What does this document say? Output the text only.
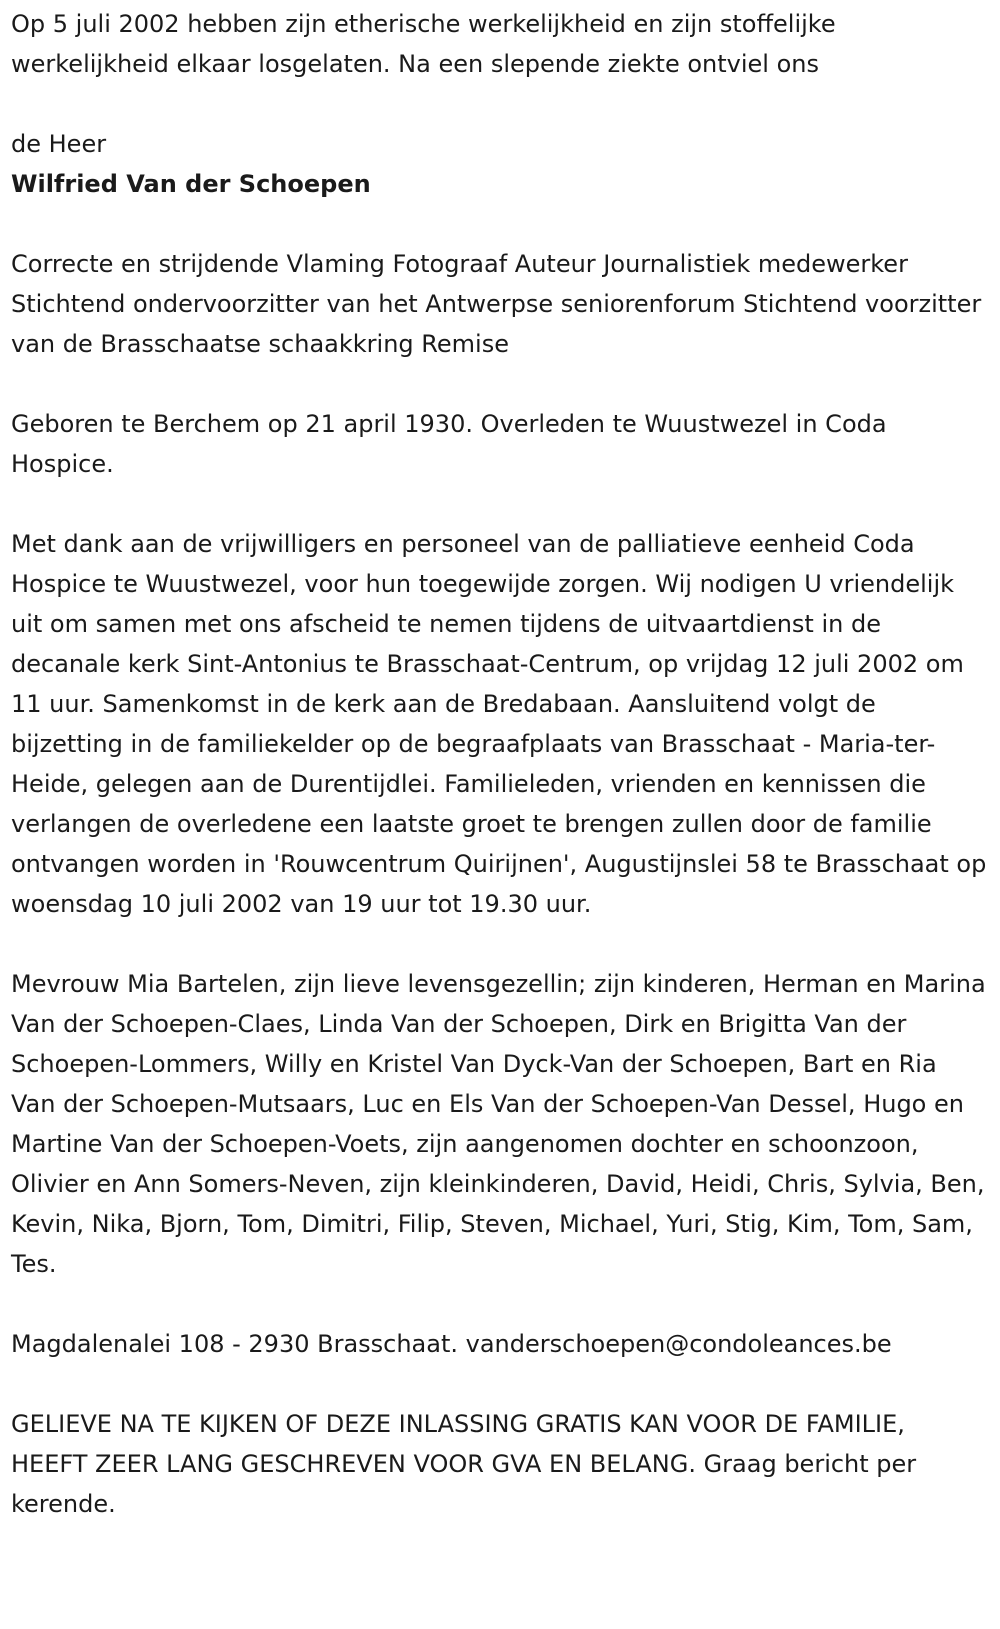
Op 5 juli 2002 hebben zijn etherische werkelijkheid en zijn stoffelijke werkelijkheid elkaar losgelaten. Na een slepende ziekte ontviel ons

de Heer

Wilfried Van der Schoepen

Correcte en strijdende Vlaming Fotograaf Auteur Journalistiek medewerker Stichtend ondervoorzitter van het Antwerpse seniorenforum Stichtend voorzitter van de Brasschaatse schaakkring Remise

Geboren te Berchem op 21 april 1930. Overleden te Wuustwezel in Coda Hospice.

Met dank aan de vrijwilligers en personeel van de palliatieve eenheid Coda Hospice te Wuustwezel, voor hun toegewijde zorgen. Wij nodigen U vriendelijk uit om samen met ons afscheid te nemen tijdens de uitvaartdienst in de decanale kerk Sint-Antonius te Brasschaat-Centrum, op vrijdag 12 juli 2002 om 11 uur. Samenkomst in de kerk aan de Bredabaan. Aansluitend volgt de bijzetting in de familiekelder op de begraafplaats van Brasschaat - Maria-ter-Heide, gelegen aan de Durentijdlei. Familieleden, vrienden en kennissen die verlangen de overledene een laatste groet te brengen zullen door de familie ontvangen worden in 'Rouwcentrum Quirijnen', Augustijnslei 58 te Brasschaat op woensdag 10 juli 2002 van 19 uur tot 19.30 uur.

Mevrouw Mia Bartelen, zijn lieve levensgezellin; zijn kinderen, Herman en Marina Van der Schoepen-Claes, Linda Van der Schoepen, Dirk en Brigitta Van der Schoepen-Lommers, Willy en Kristel Van Dyck-Van der Schoepen, Bart en Ria Van der Schoepen-Mutsaars, Luc en Els Van der Schoepen-Van Dessel, Hugo en Martine Van der Schoepen-Voets, zijn aangenomen dochter en schoonzoon, Olivier en Ann Somers-Neven, zijn kleinkinderen, David, Heidi, Chris, Sylvia, Ben, Kevin, Nika, Bjorn, Tom, Dimitri, Filip, Steven, Michael, Yuri, Stig, Kim, Tom, Sam, Tes.

Magdalenalei 108 - 2930 Brasschaat. vanderschoepen@condoleances.be

GELIEVE NA TE KIJKEN OF DEZE INLASSING GRATIS KAN VOOR DE FAMILIE, HEEFT ZEER LANG GESCHREVEN VOOR GVA EN BELANG. Graag bericht per kerende.
